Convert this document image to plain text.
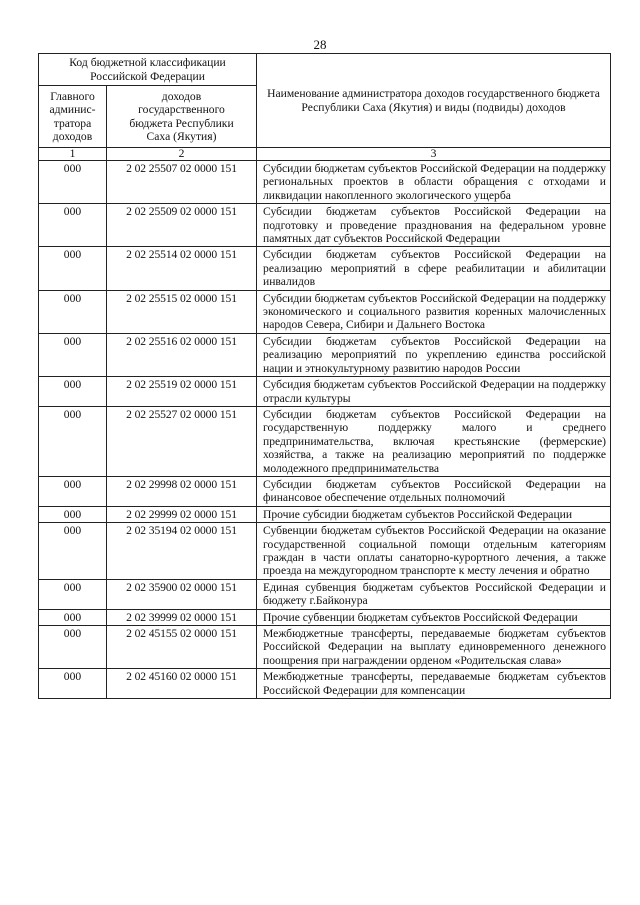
28
Код бюджетной классификации Российской Федерации		Наименование администратора доходов государственного бюджета Республики Саха (Якутия) и виды (подвиды) доходов
Главного админис-тратора доходов	доходов государственного бюджета Республики Саха (Якутия)	
1	2	3
000	2 02 25507 02 0000 151	Субсидии бюджетам субъектов Российской Федерации на поддержку региональных проектов в области обращения с отходами и ликвидации накопленного экологического ущерба
000	2 02 25509 02 0000 151	Субсидии бюджетам субъектов Российской Федерации на подготовку и проведение празднования на федеральном уровне памятных дат субъектов Российской Федерации
000	2 02 25514 02 0000 151	Субсидии бюджетам субъектов Российской Федерации на реализацию мероприятий в сфере реабилитации и абилитации инвалидов
000	2 02 25515 02 0000 151	Субсидии бюджетам субъектов Российской Федерации на поддержку экономического и социального развития коренных малочисленных народов Севера, Сибири и Дальнего Востока
000	2 02 25516 02 0000 151	Субсидии бюджетам субъектов Российской Федерации на реализацию мероприятий по укреплению единства российской нации и этнокультурному развитию народов России
000	2 02 25519 02 0000 151	Субсидия бюджетам субъектов Российской Федерации на поддержку отрасли культуры
000	2 02 25527 02 0000 151	Субсидии бюджетам субъектов Российской Федерации на государственную поддержку малого и среднего предпринимательства, включая крестьянские (фермерские) хозяйства, а также на реализацию мероприятий по поддержке молодежного предпринимательства
000	2 02 29998 02 0000 151	Субсидии бюджетам субъектов Российской Федерации на финансовое обеспечение отдельных полномочий
000	2 02 29999 02 0000 151	Прочие субсидии бюджетам субъектов Российской Федерации
000	2 02 35194 02 0000 151	Субвенции бюджетам субъектов Российской Федерации на оказание государственной социальной помощи отдельным категориям граждан в части оплаты санаторно-курортного лечения, а также проезда на междугородном транспорте к месту лечения и обратно
000	2 02 35900 02 0000 151	Единая субвенция бюджетам субъектов Российской Федерации и бюджету г.Байконура
000	2 02 39999 02 0000 151	Прочие субвенции бюджетам субъектов Российской Федерации
000	2 02 45155 02 0000 151	Межбюджетные трансферты, передаваемые бюджетам субъектов Российской Федерации на выплату единовременного денежного поощрения при награждении орденом «Родительская слава»
000	2 02 45160 02 0000 151	Межбюджетные трансферты, передаваемые бюджетам субъектов Российской Федерации для компенсации
